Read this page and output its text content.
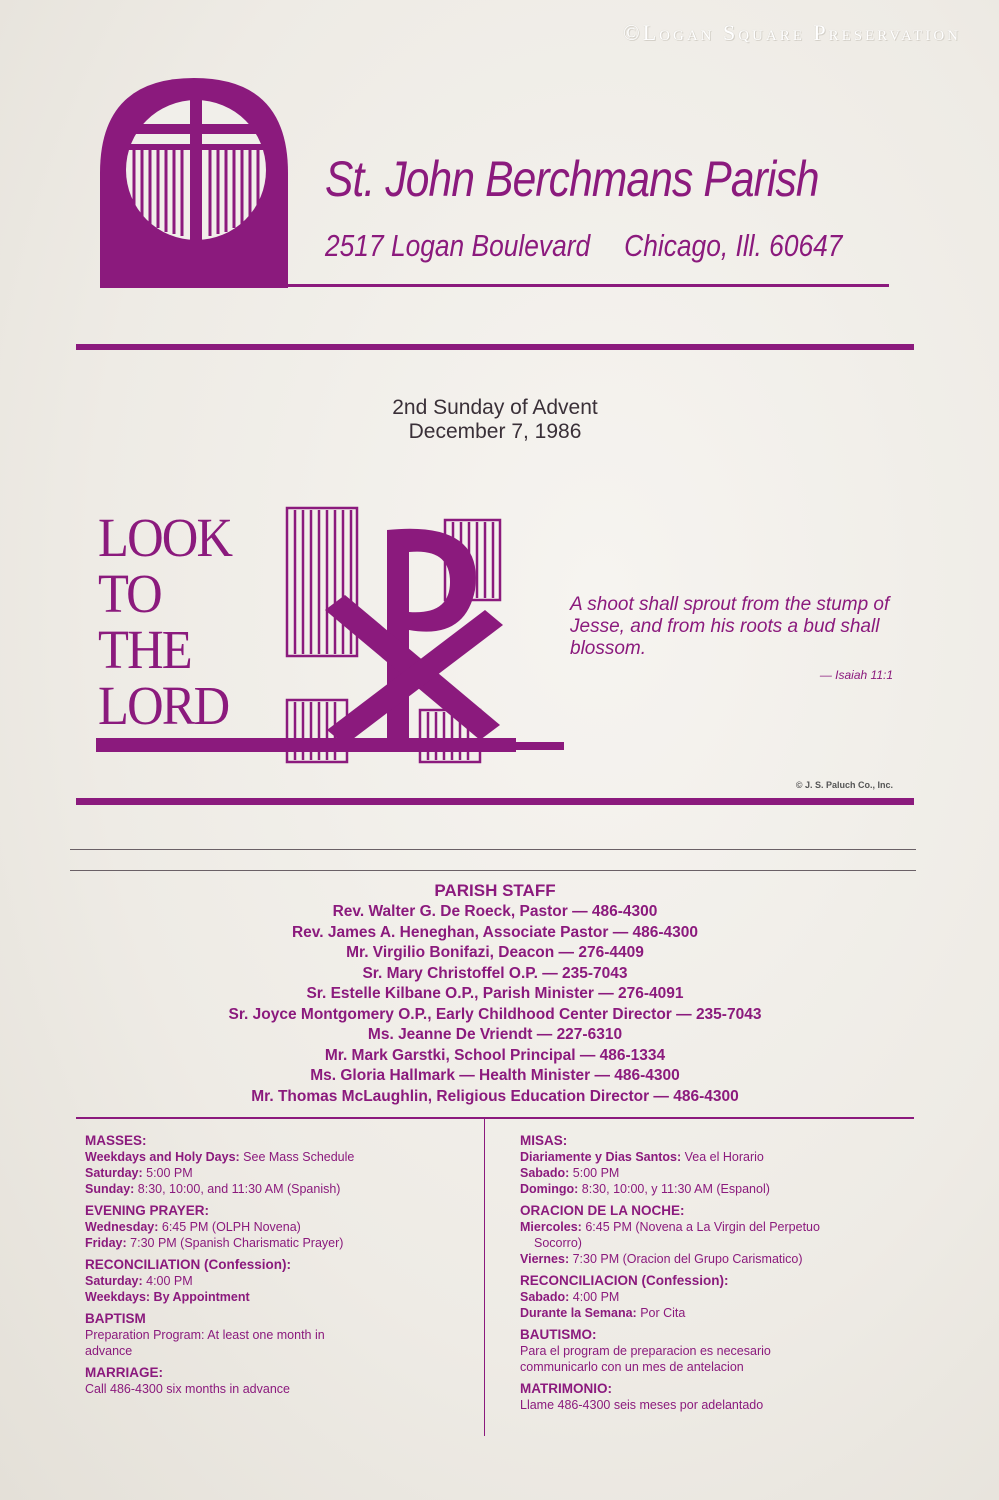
©Logan Square Preservation
St. John Berchmans Parish
2517 Logan Boulevard Chicago, Ill. 60647
2nd Sunday of Advent
December 7, 1986
LOOK
TO
THE
LORD
A shoot shall sprout from the stump of Jesse, and from his roots a bud shall blossom.
— Isaiah 11:1
© J. S. Paluch Co., Inc.
PARISH STAFF
Rev. Walter G. De Roeck, Pastor — 486-4300
Rev. James A. Heneghan, Associate Pastor — 486-4300
Mr. Virgilio Bonifazi, Deacon — 276-4409
Sr. Mary Christoffel O.P. — 235-7043
Sr. Estelle Kilbane O.P., Parish Minister — 276-4091
Sr. Joyce Montgomery O.P., Early Childhood Center Director — 235-7043
Ms. Jeanne De Vriendt — 227-6310
Mr. Mark Garstki, School Principal — 486-1334
Ms. Gloria Hallmark — Health Minister — 486-4300
Mr. Thomas McLaughlin, Religious Education Director — 486-4300
MASSES:
Weekdays and Holy Days: See Mass Schedule
Saturday: 5:00 PM
Sunday: 8:30, 10:00, and 11:30 AM (Spanish)
EVENING PRAYER:
Wednesday: 6:45 PM (OLPH Novena)
Friday: 7:30 PM (Spanish Charismatic Prayer)
RECONCILIATION (Confession):
Saturday: 4:00 PM
Weekdays: By Appointment
BAPTISM
Preparation Program: At least one month in
advance
MARRIAGE:
Call 486-4300 six months in advance
MISAS:
Diariamente y Dias Santos: Vea el Horario
Sabado: 5:00 PM
Domingo: 8:30, 10:00, y 11:30 AM (Espanol)
ORACION DE LA NOCHE:
Miercoles: 6:45 PM (Novena a La Virgin del Perpetuo
Socorro)
Viernes: 7:30 PM (Oracion del Grupo Carismatico)
RECONCILIACION (Confession):
Sabado: 4:00 PM
Durante la Semana: Por Cita
BAUTISMO:
Para el program de preparacion es necesario
communicarlo con un mes de antelacion
MATRIMONIO:
Llame 486-4300 seis meses por adelantado
